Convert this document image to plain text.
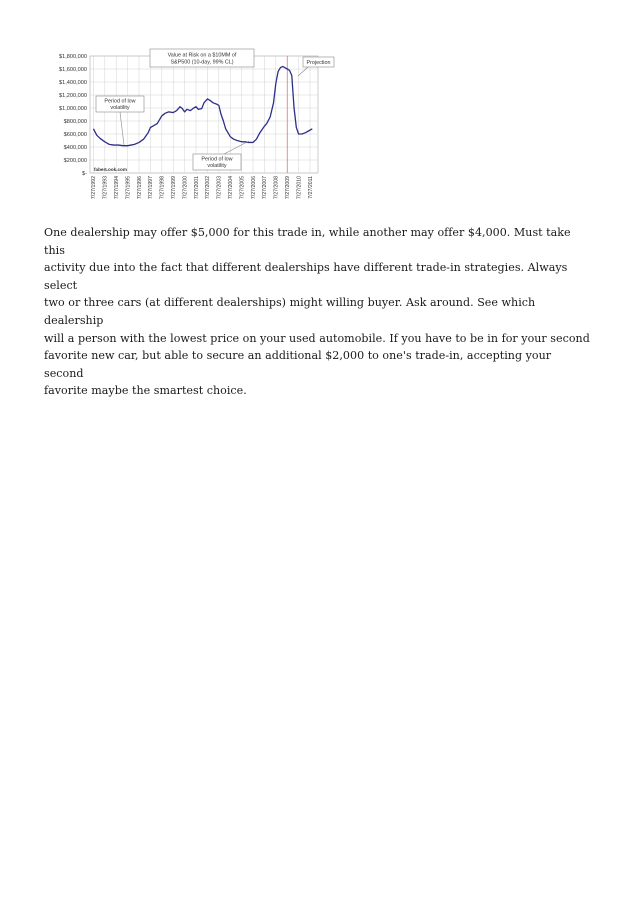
$1,800,000
$1,600,000
$1,400,000
$1,200,000
$1,000,000
$800,000
$600,000
$400,000
$200,000
$-
7/27/1992 7/27/1993 7/27/1994 7/27/1995 7/27/1996 7/27/1997 7/27/1998 7/27/1999 7/27/2000 7/27/2001 7/27/2002 7/27/2003 7/27/2004 7/27/2005 7/27/2006 7/27/2007 7/27/2008 7/27/2009 7/27/2010 7/27/2011
Value at Risk on a $10MM of
S&P500 (10-day, 99% CL)	Projection
Period of low
volatility
Period of low
volatility
faberLook.com
One dealership may offer $5,000 for this trade in, while another may offer $4,000. Must take this
activity due into the fact that different dealerships have different trade-in strategies. Always select
two or three cars (at different dealerships) might willing buyer. Ask around. See which dealership
will a person with the lowest price on your used automobile. If you have to be in for your second
favorite new car, but able to secure an additional $2,000 to one's trade-in, accepting your second
favorite maybe the smartest choice.
